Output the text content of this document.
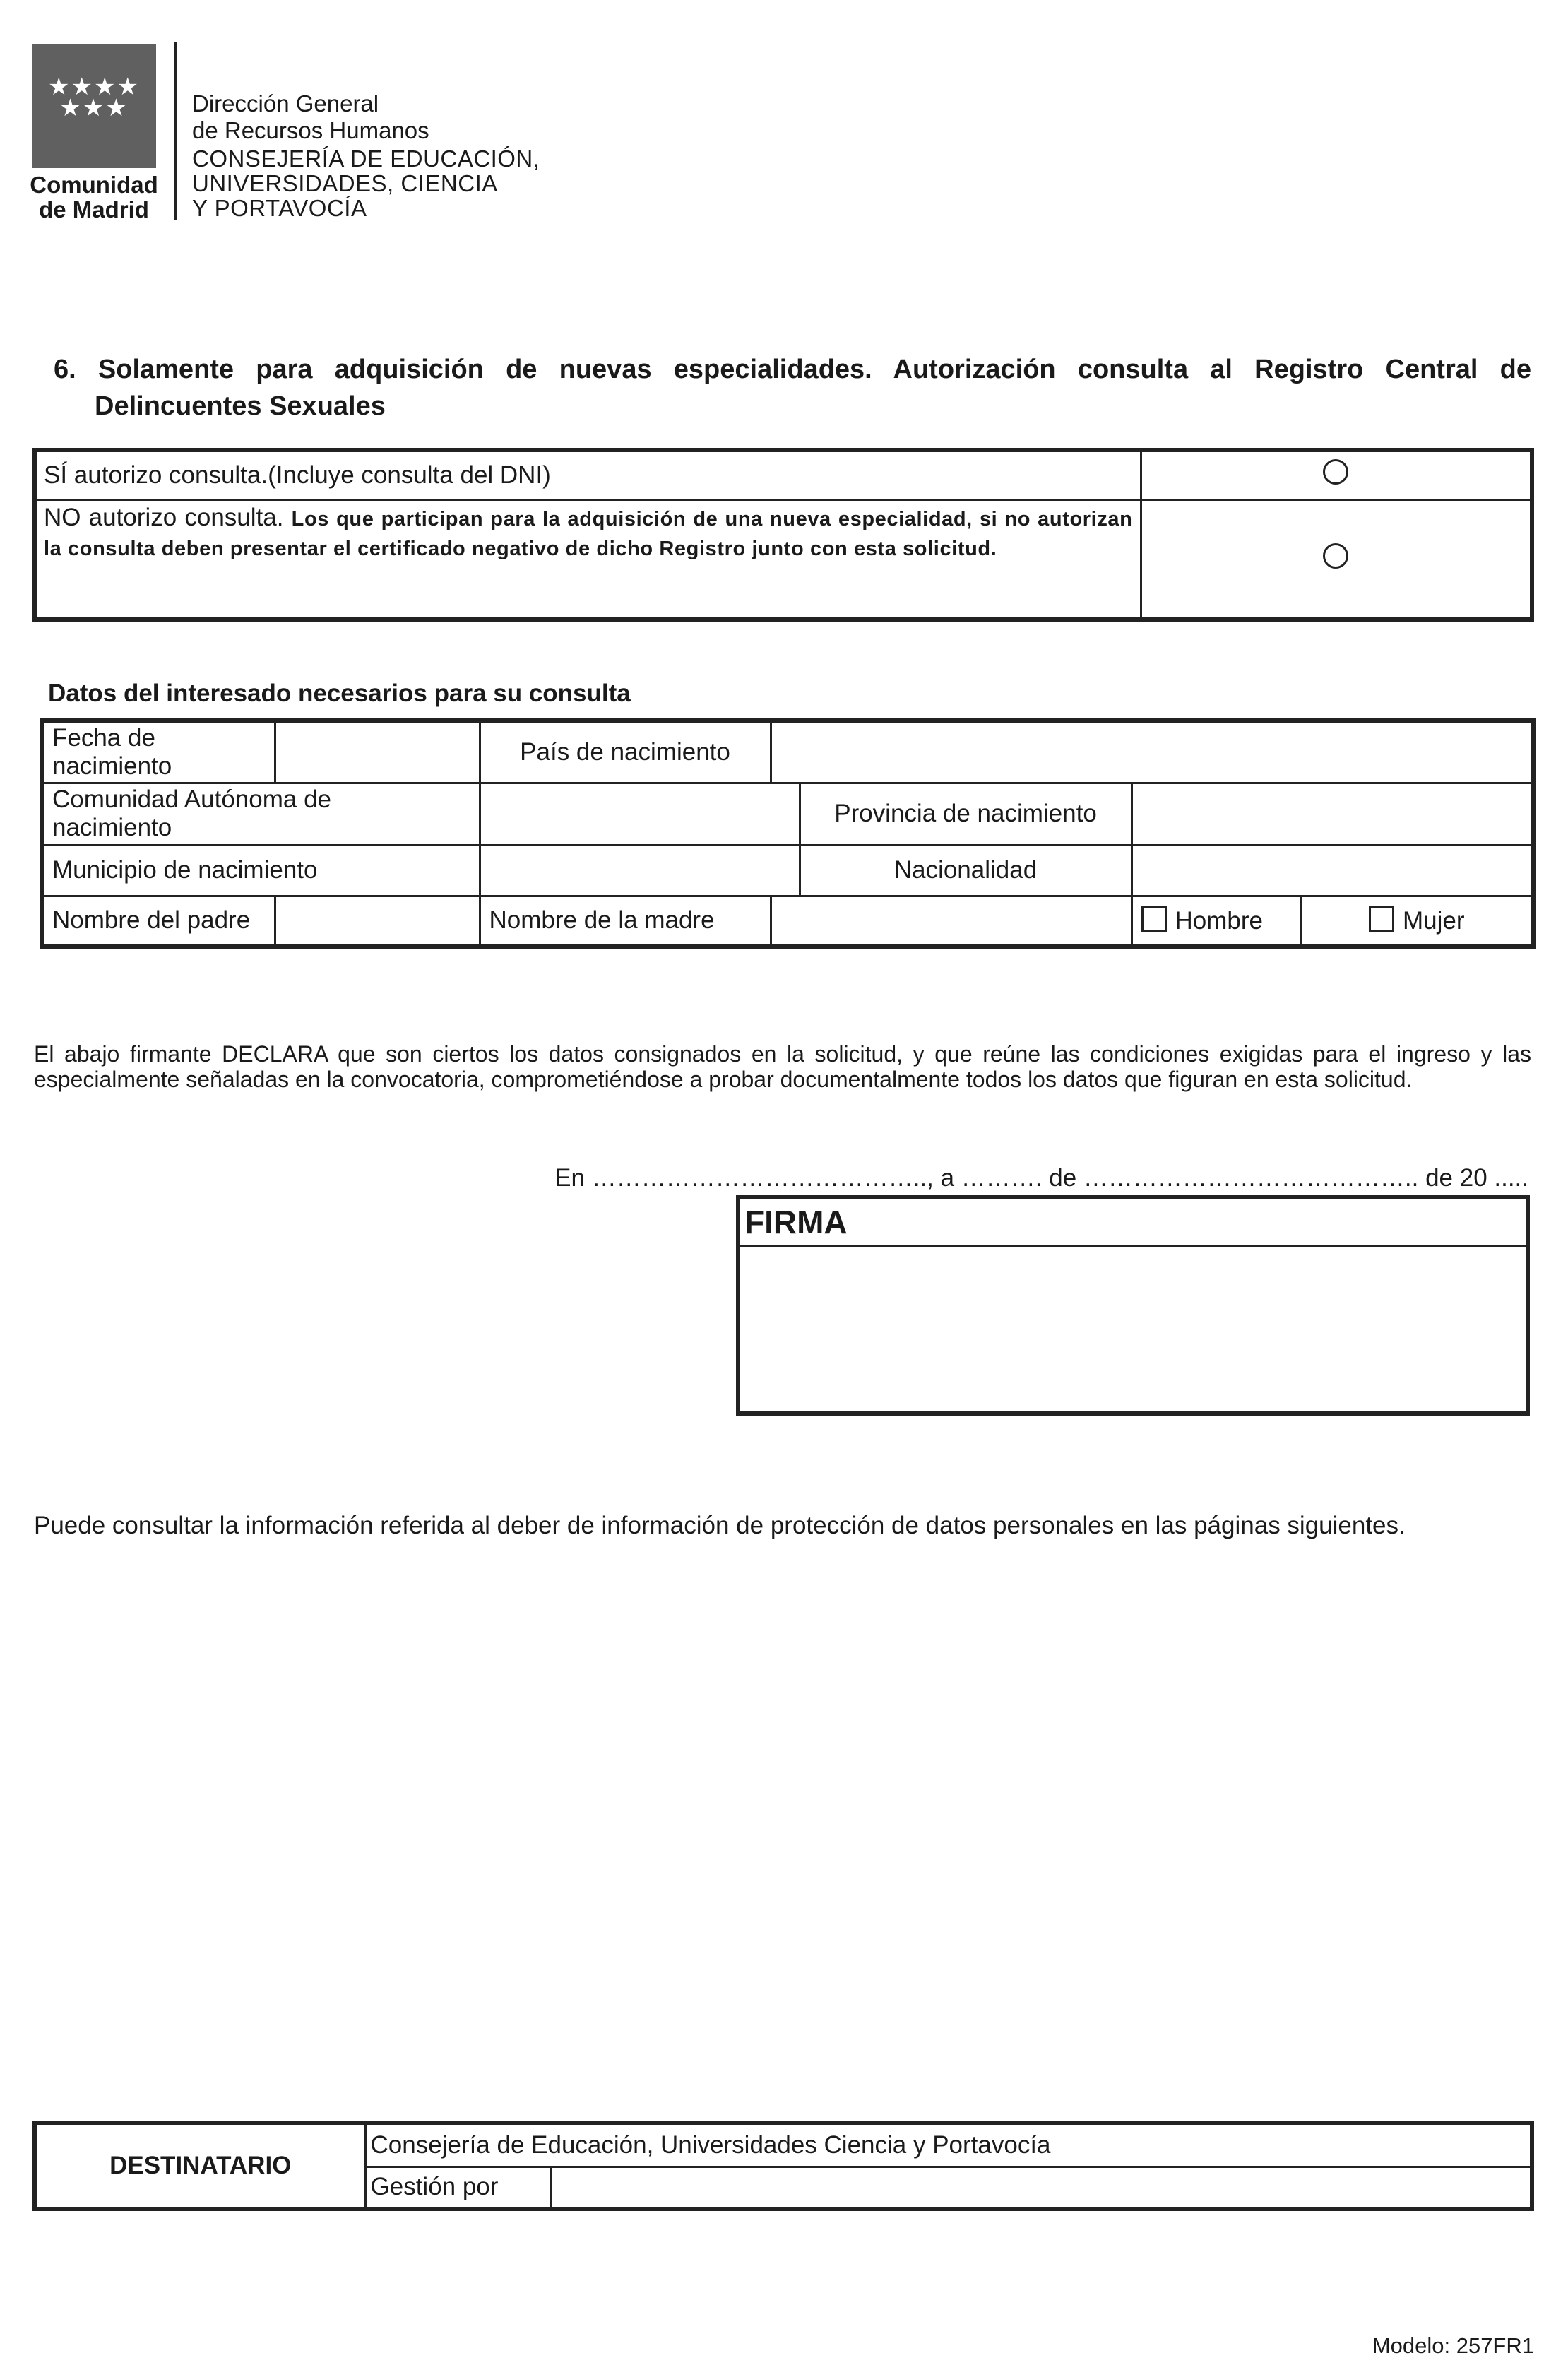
★★★★
★★★
Comunidad
de Madrid
Dirección General
de Recursos Humanos
CONSEJERÍA DE EDUCACIÓN,
UNIVERSIDADES, CIENCIA
Y PORTAVOCÍA
6. Solamente para adquisición de nuevas especialidades. Autorización consulta al Registro Central de
Delincuentes Sexuales
SÍ autorizo consulta.(Incluye consulta del DNI)	

NO autorizo consulta. Los que participan para la adquisición de una nueva especialidad, si no autorizan la consulta deben presentar el certificado negativo de dicho Registro junto con esta solicitud.	

Datos del interesado necesarios para su consulta
Fecha de
nacimiento		País de nacimiento				

Comunidad Autónoma de
nacimiento				Provincia de nacimiento		
Municipio de nacimiento				Nacionalidad		
Nombre del padre		Nombre de la madre			Hombre	Mujer
El abajo firmante DECLARA que son ciertos los datos consignados en la solicitud, y que reúne las condiciones exigidas para el ingreso y las
especialmente señaladas en la convocatoria, comprometiéndose a probar documentalmente todos los datos que figuran en esta solicitud.
En ………………………………….., a ………. de ………………………………….. de 20 .....
FIRMA
Puede consultar la información referida al deber de información de protección de datos personales en las páginas siguientes.
DESTINATARIO	Consejería de Educación, Universidades Ciencia y Portavocía	
	Gestión por	
Modelo: 257FR1
